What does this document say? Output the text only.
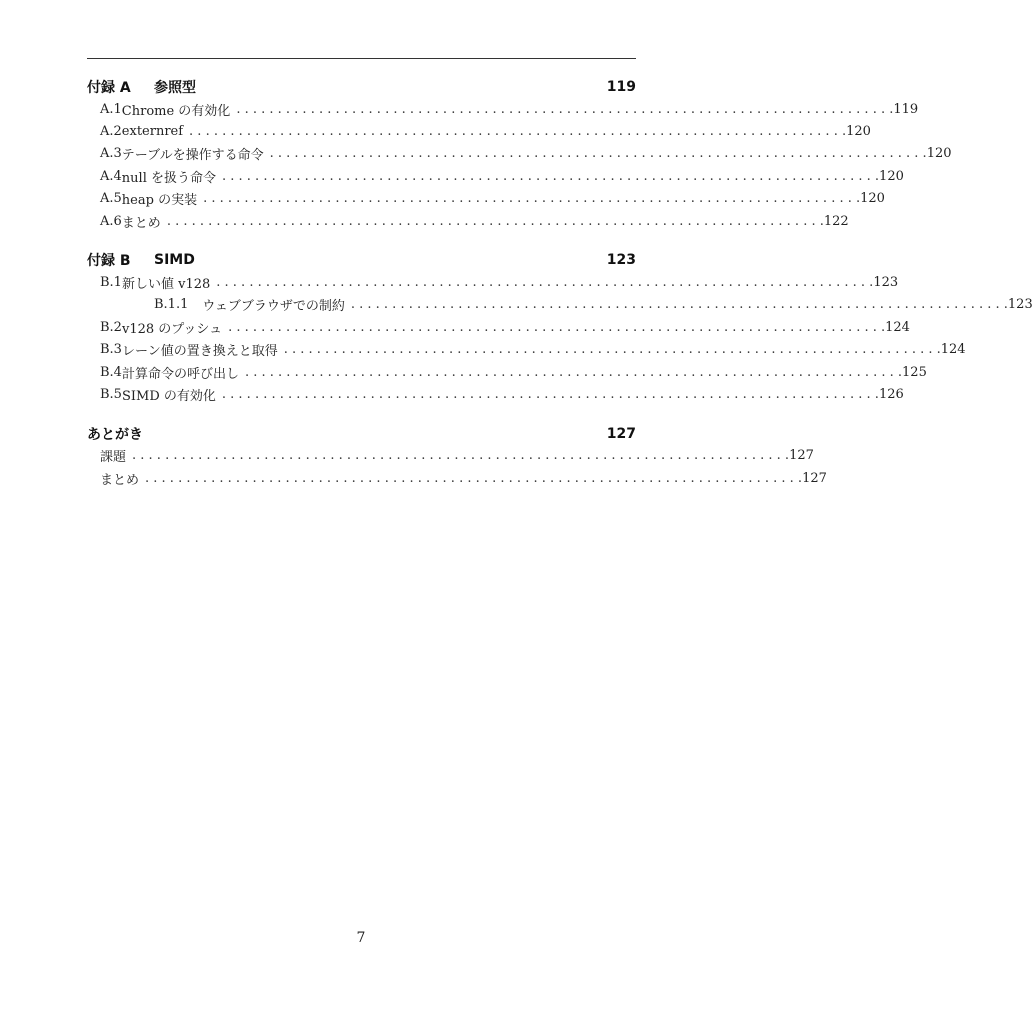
付録 A	参照型	119
A.1 Chrome の有効化 . . . . . . . . . . . . . . . . . . . . . . . . . . . . . . . . . . . . . . . . . . . . . . . . . . . . . . . . . . . . . . . . . . . . . . . . . . . . . . . . 119
A.2 externref . . . . . . . . . . . . . . . . . . . . . . . . . . . . . . . . . . . . . . . . . . . . . . . . . . . . . . . . . . . . . . . . . . . . . . . . . . . . . . . . 120
A.3 テーブルを操作する命令 . . . . . . . . . . . . . . . . . . . . . . . . . . . . . . . . . . . . . . . . . . . . . . . . . . . . . . . . . . . . . . . . . . . . . . . . . . . . . . . . 120
A.4 null を扱う命令 . . . . . . . . . . . . . . . . . . . . . . . . . . . . . . . . . . . . . . . . . . . . . . . . . . . . . . . . . . . . . . . . . . . . . . . . . . . . . . . . 120
A.5 heap の実装 . . . . . . . . . . . . . . . . . . . . . . . . . . . . . . . . . . . . . . . . . . . . . . . . . . . . . . . . . . . . . . . . . . . . . . . . . . . . . . . . 120
A.6 まとめ . . . . . . . . . . . . . . . . . . . . . . . . . . . . . . . . . . . . . . . . . . . . . . . . . . . . . . . . . . . . . . . . . . . . . . . . . . . . . . . . 122
付録 B	SIMD	123
B.1 新しい値 v128 . . . . . . . . . . . . . . . . . . . . . . . . . . . . . . . . . . . . . . . . . . . . . . . . . . . . . . . . . . . . . . . . . . . . . . . . . . . . . . . . 123
B.1.1	ウェブブラウザでの制約 . . . . . . . . . . . . . . . . . . . . . . . . . . . . . . . . . . . . . . . . . . . . . . . . . . . . . . . . . . . . . . . . . . . . . . . . . . . . . . . . 123
B.2 v128 のプッシュ . . . . . . . . . . . . . . . . . . . . . . . . . . . . . . . . . . . . . . . . . . . . . . . . . . . . . . . . . . . . . . . . . . . . . . . . . . . . . . . . 124
B.3 レーン値の置き換えと取得 . . . . . . . . . . . . . . . . . . . . . . . . . . . . . . . . . . . . . . . . . . . . . . . . . . . . . . . . . . . . . . . . . . . . . . . . . . . . . . . . 124
B.4 計算命令の呼び出し . . . . . . . . . . . . . . . . . . . . . . . . . . . . . . . . . . . . . . . . . . . . . . . . . . . . . . . . . . . . . . . . . . . . . . . . . . . . . . . . 125
B.5 SIMD の有効化 . . . . . . . . . . . . . . . . . . . . . . . . . . . . . . . . . . . . . . . . . . . . . . . . . . . . . . . . . . . . . . . . . . . . . . . . . . . . . . . . 126
あとがき	127
課題 . . . . . . . . . . . . . . . . . . . . . . . . . . . . . . . . . . . . . . . . . . . . . . . . . . . . . . . . . . . . . . . . . . . . . . . . . . . . . . . . 127
まとめ . . . . . . . . . . . . . . . . . . . . . . . . . . . . . . . . . . . . . . . . . . . . . . . . . . . . . . . . . . . . . . . . . . . . . . . . . . . . . . . . 127
7
